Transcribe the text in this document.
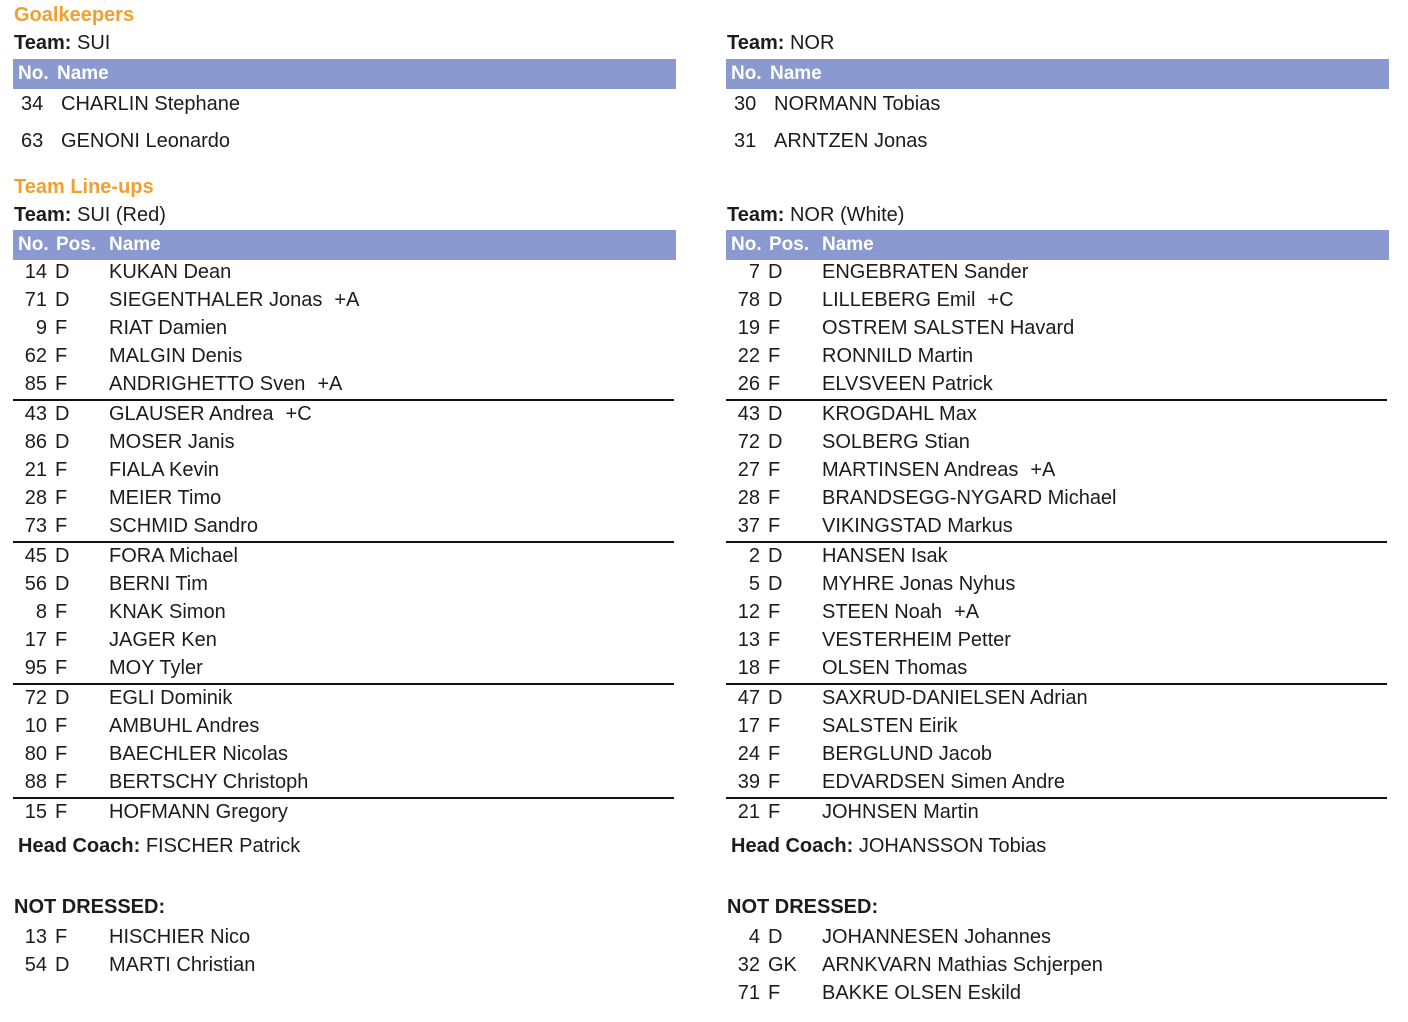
Goalkeepers
Team Line-ups
Team: SUI
No. Name
34 CHARLIN Stephane
63 GENONI Leonardo
Team: SUI (Red)
No. Pos. Name
14 D KUKAN Dean
71 D SIEGENTHALER Jonas +A
9 F RIAT Damien
62 F MALGIN Denis
85 F ANDRIGHETTO Sven +A
43 D GLAUSER Andrea +C
86 D MOSER Janis
21 F FIALA Kevin
28 F MEIER Timo
73 F SCHMID Sandro
45 D FORA Michael
56 D BERNI Tim
8 F KNAK Simon
17 F JAGER Ken
95 F MOY Tyler
72 D EGLI Dominik
10 F AMBUHL Andres
80 F BAECHLER Nicolas
88 F BERTSCHY Christoph
15 F HOFMANN Gregory
Head Coach: FISCHER Patrick
NOT DRESSED:
13 F HISCHIER Nico
54 D MARTI Christian
Team: NOR
No. Name
30 NORMANN Tobias
31 ARNTZEN Jonas
Team: NOR (White)
No. Pos. Name
7 D ENGEBRATEN Sander
78 D LILLEBERG Emil +C
19 F OSTREM SALSTEN Havard
22 F RONNILD Martin
26 F ELVSVEEN Patrick
43 D KROGDAHL Max
72 D SOLBERG Stian
27 F MARTINSEN Andreas +A
28 F BRANDSEGG-NYGARD Michael
37 F VIKINGSTAD Markus
2 D HANSEN Isak
5 D MYHRE Jonas Nyhus
12 F STEEN Noah +A
13 F VESTERHEIM Petter
18 F OLSEN Thomas
47 D SAXRUD-DANIELSEN Adrian
17 F SALSTEN Eirik
24 F BERGLUND Jacob
39 F EDVARDSEN Simen Andre
21 F JOHNSEN Martin
Head Coach: JOHANSSON Tobias
NOT DRESSED:
4 D JOHANNESEN Johannes
32 GK ARNKVARN Mathias Schjerpen
71 F BAKKE OLSEN Eskild
